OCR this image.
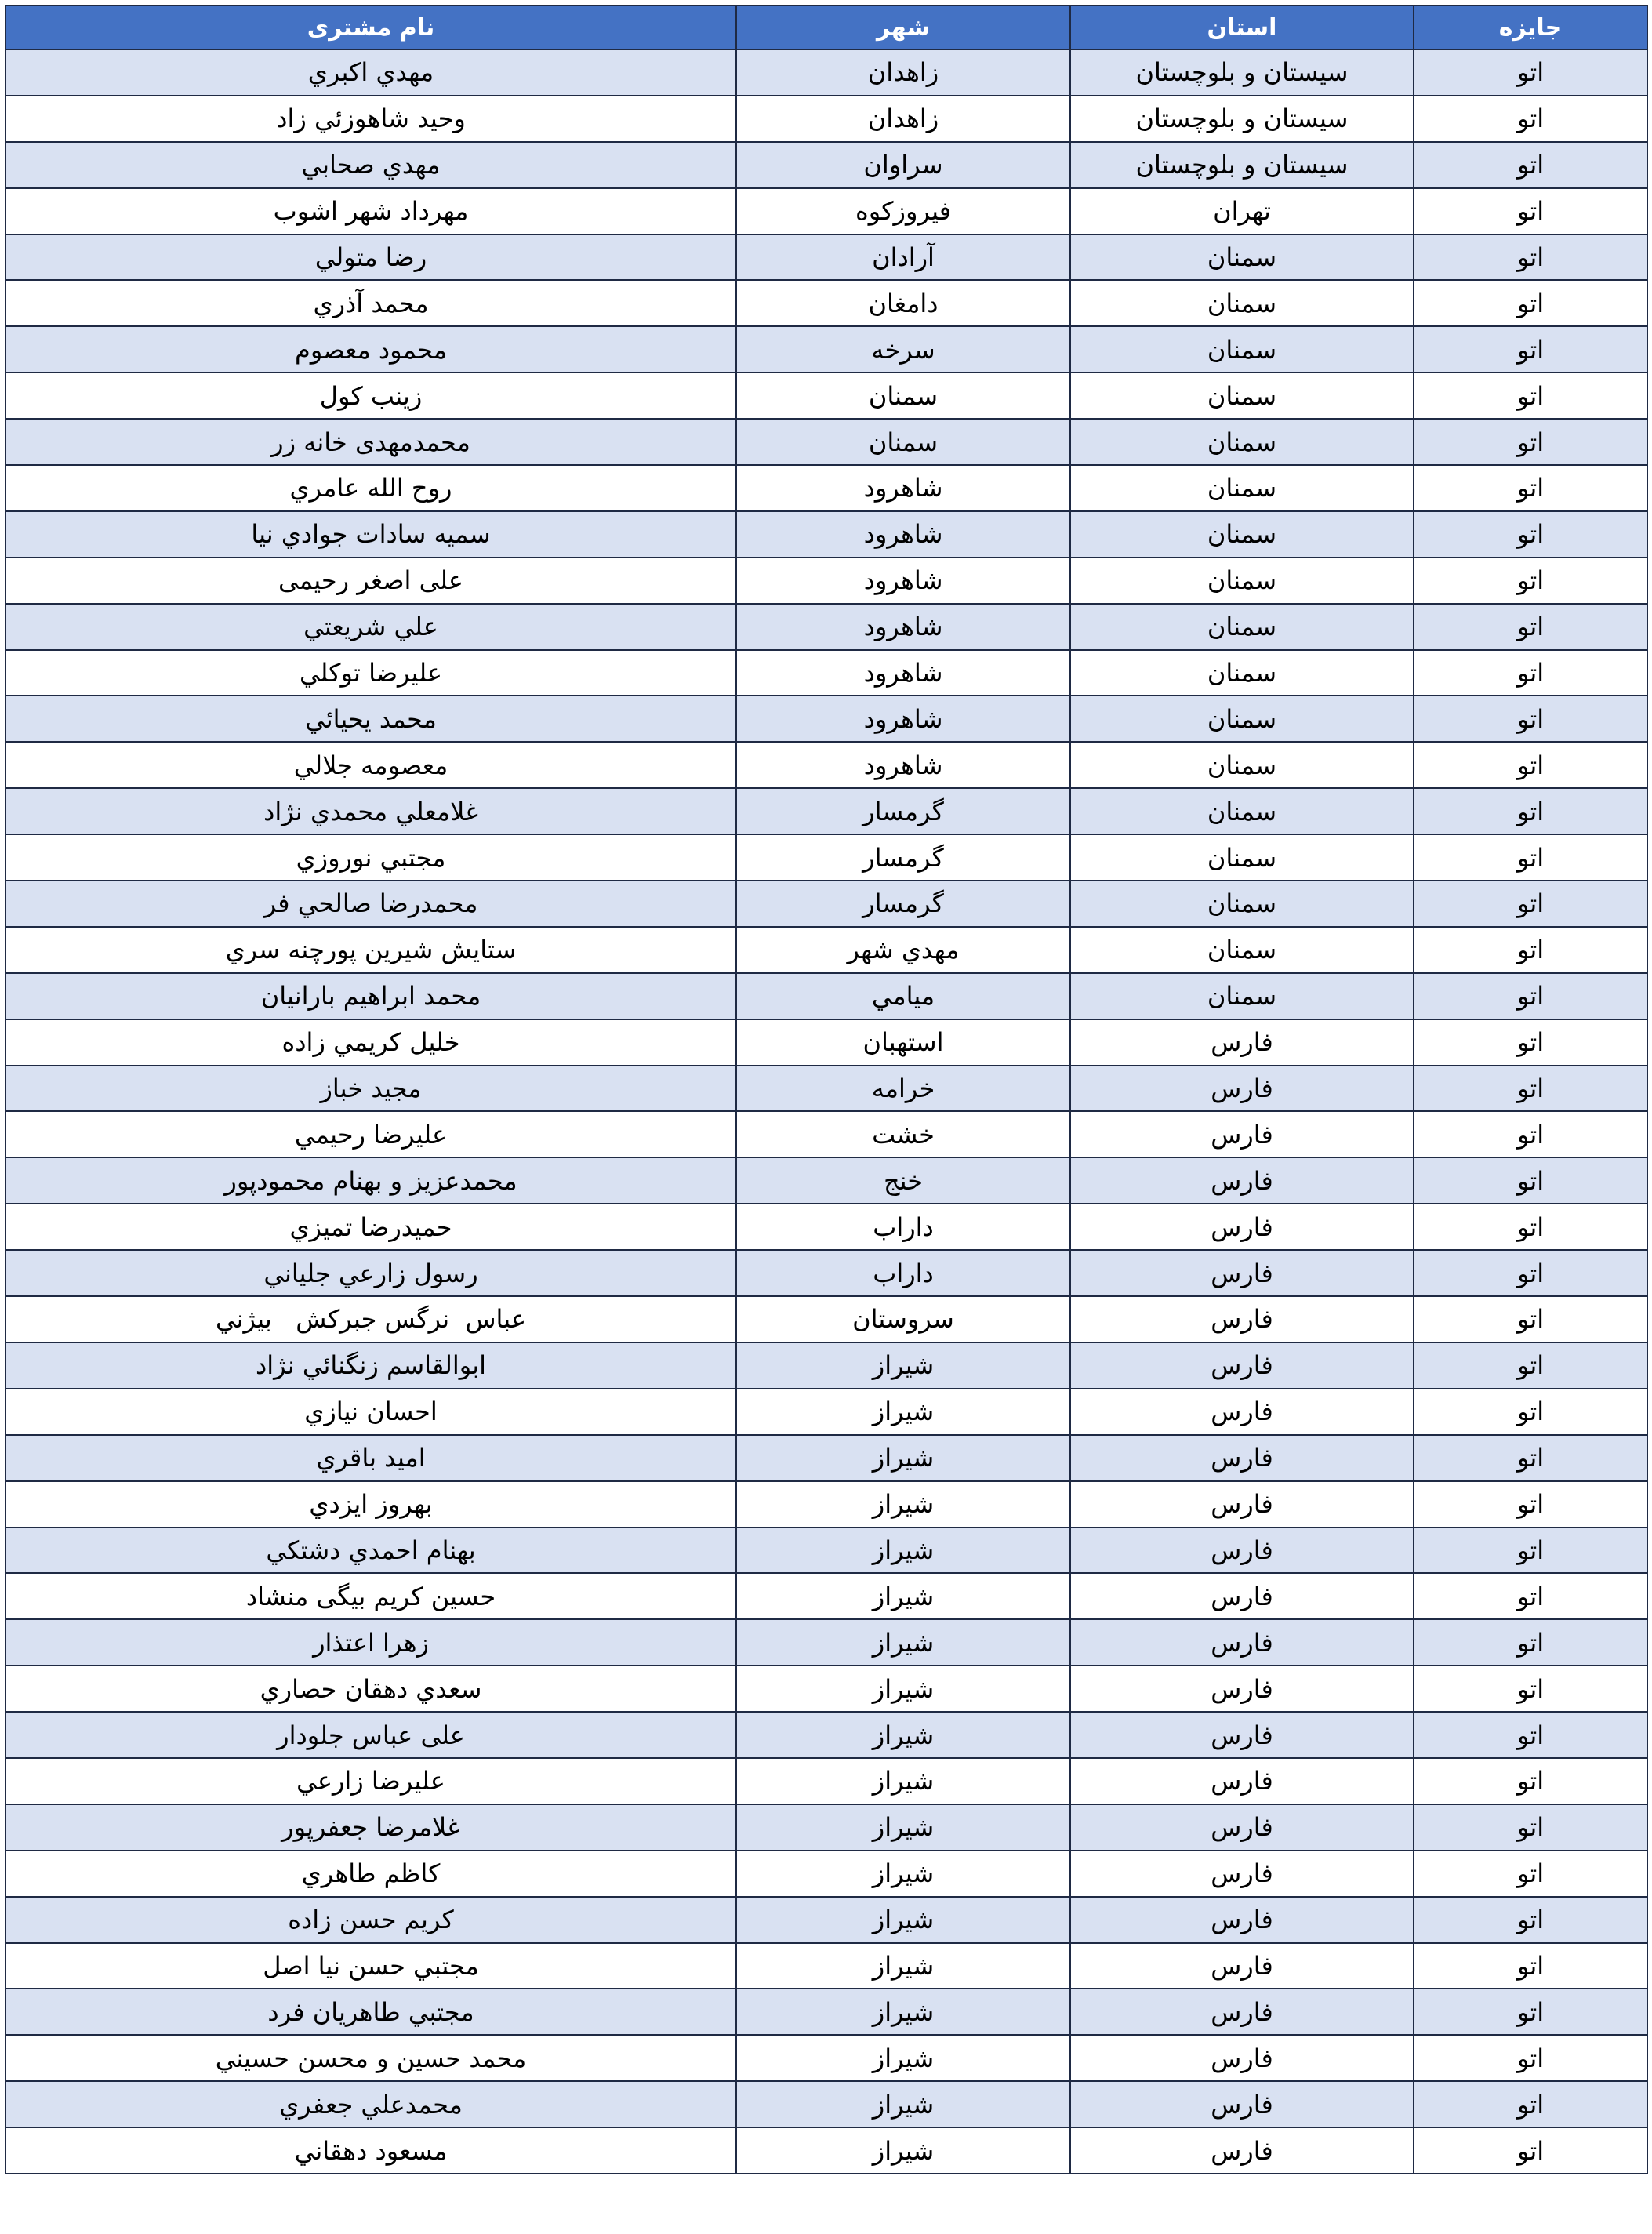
جایزه	استان	شهر	نام مشتری
اتو	سيستان و بلوچستان	زاهدان	مهدي اكبري
اتو	سيستان و بلوچستان	زاهدان	وحيد شاهوزئي زاد
اتو	سيستان و بلوچستان	سراوان	مهدي صحابي
اتو	تهران	فيروزكوه	مهرداد شهر اشوب
اتو	سمنان	آرادان	رضا متولي
اتو	سمنان	دامغان	محمد آذري
اتو	سمنان	سرخه	محمود معصوم
اتو	سمنان	سمنان	زينب كول
اتو	سمنان	سمنان	محمدمهدی خانه زر
اتو	سمنان	شاهرود	روح الله عامري
اتو	سمنان	شاهرود	سميه سادات جوادي نيا
اتو	سمنان	شاهرود	علی اصغر رحیمی
اتو	سمنان	شاهرود	علي شريعتي
اتو	سمنان	شاهرود	عليرضا توكلي
اتو	سمنان	شاهرود	محمد يحيائي
اتو	سمنان	شاهرود	معصومه جلالي
اتو	سمنان	گرمسار	غلامعلي محمدي نژاد
اتو	سمنان	گرمسار	مجتبي نوروزي
اتو	سمنان	گرمسار	محمدرضا صالحي فر
اتو	سمنان	مهدي شهر	ستايش شيرين پورچنه سري
اتو	سمنان	ميامي	محمد ابراهيم بارانيان
اتو	فارس	استهبان	خليل كريمي زاده
اتو	فارس	خرامه	مجيد خباز
اتو	فارس	خشت	عليرضا رحيمي
اتو	فارس	خنج	محمدعزيز و بهنام محمودپور
اتو	فارس	داراب	حميدرضا تميزي
اتو	فارس	داراب	رسول زارعي جلياني
اتو	فارس	سروستان	عباس  نرگس جبركش   بيژني
اتو	فارس	شيراز	ابوالقاسم زنگنائي نژاد
اتو	فارس	شيراز	احسان نيازي
اتو	فارس	شيراز	اميد باقري
اتو	فارس	شيراز	بهروز ايزدي
اتو	فارس	شيراز	بهنام احمدي دشتكي
اتو	فارس	شيراز	حسين كريم بيگی منشاد
اتو	فارس	شيراز	زهرا اعتذار
اتو	فارس	شيراز	سعدي دهقان حصاري
اتو	فارس	شيراز	علی عباس جلودار
اتو	فارس	شيراز	عليرضا زارعي
اتو	فارس	شيراز	غلامرضا جعفرپور
اتو	فارس	شيراز	كاظم طاهري
اتو	فارس	شيراز	كريم حسن زاده
اتو	فارس	شيراز	مجتبي حسن نيا اصل
اتو	فارس	شيراز	مجتبي طاهريان فرد
اتو	فارس	شيراز	محمد حسين و محسن حسيني
اتو	فارس	شيراز	محمدعلي جعفري
اتو	فارس	شيراز	مسعود دهقاني
